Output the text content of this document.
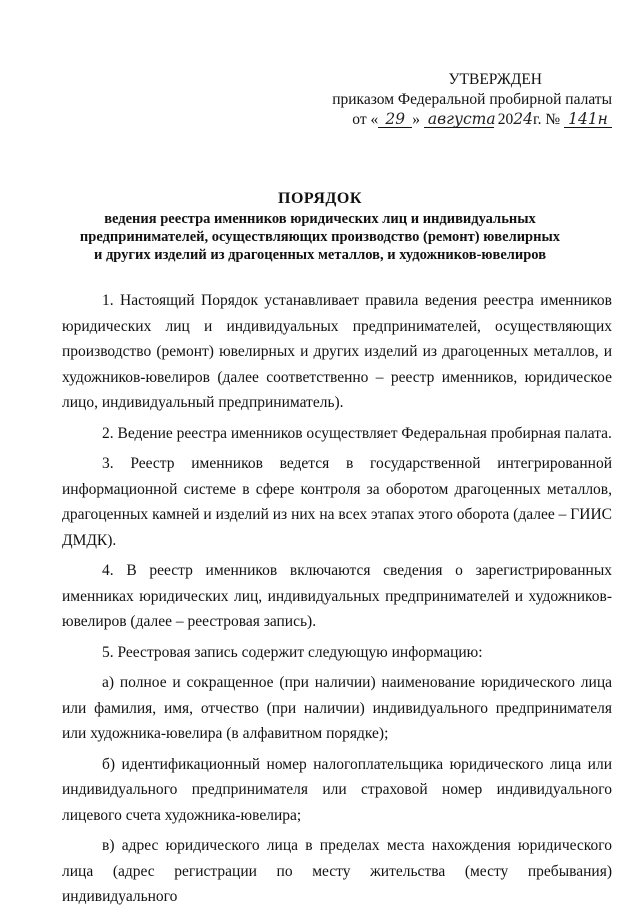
УТВЕРЖДЕН
приказом Федеральной пробирной палаты
от « 29 » августа 2024г. № 141н
ПОРЯДОК
ведения реестра именников юридических лиц и индивидуальных
предпринимателей, осуществляющих производство (ремонт) ювелирных
и других изделий из драгоценных металлов, и художников-ювелиров

1. Настоящий Порядок устанавливает правила ведения реестра именников юридических лиц и индивидуальных предпринимателей, осуществляющих производство (ремонт) ювелирных и других изделий из драгоценных металлов, и художников-ювелиров (далее соответственно – реестр именников, юридическое лицо, индивидуальный предприниматель).

2. Ведение реестра именников осуществляет Федеральная пробирная палата.

3. Реестр именников ведется в государственной интегрированной информационной системе в сфере контроля за оборотом драгоценных металлов, драгоценных камней и изделий из них на всех этапах этого оборота (далее – ГИИС ДМДК).

4. В реестр именников включаются сведения о зарегистрированных именниках юридических лиц, индивидуальных предпринимателей и художников-ювелиров (далее – реестровая запись).

5. Реестровая запись содержит следующую информацию:

а) полное и сокращенное (при наличии) наименование юридического лица или фамилия, имя, отчество (при наличии) индивидуального предпринимателя или художника-ювелира (в алфавитном порядке);

б) идентификационный номер налогоплательщика юридического лица или индивидуального предпринимателя или страховой номер индивидуального лицевого счета художника-ювелира;

в) адрес юридического лица в пределах места нахождения юридического лица (адрес регистрации по месту жительства (месту пребывания) индивидуального
